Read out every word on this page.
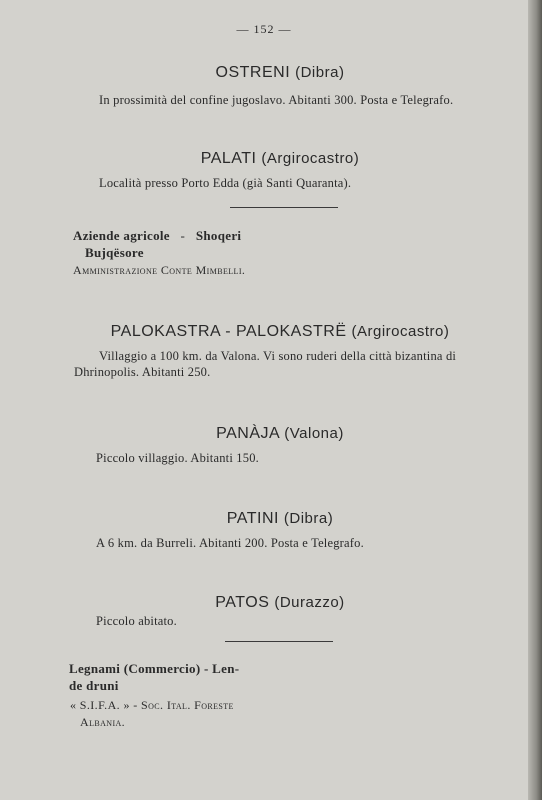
— 152 —
OSTRENI (Dibra)
In prossimità del confine jugoslavo. Abitanti 300. Posta e Telegrafo.
PALATI (Argirocastro)
Località presso Porto Edda (già Santi Quaranta).
Aziende agricole - Shoqeri
Bujqësore
Amministrazione Conte Mimbelli.
PALOKASTRA - PALOKASTRË (Argirocastro)
Villaggio a 100 km. da Valona. Vi sono ruderi della città bizantina di
Dhrinopolis. Abitanti 250.
PANÀJA (Valona)
Piccolo villaggio. Abitanti 150.
PATINI (Dibra)
A 6 km. da Burreli. Abitanti 200. Posta e Telegrafo.
PATOS (Durazzo)
Piccolo abitato.
Legnami (Commercio) - Len-
de druni
« S.I.F.A. » - Soc. Ital. Foreste
Albania.
